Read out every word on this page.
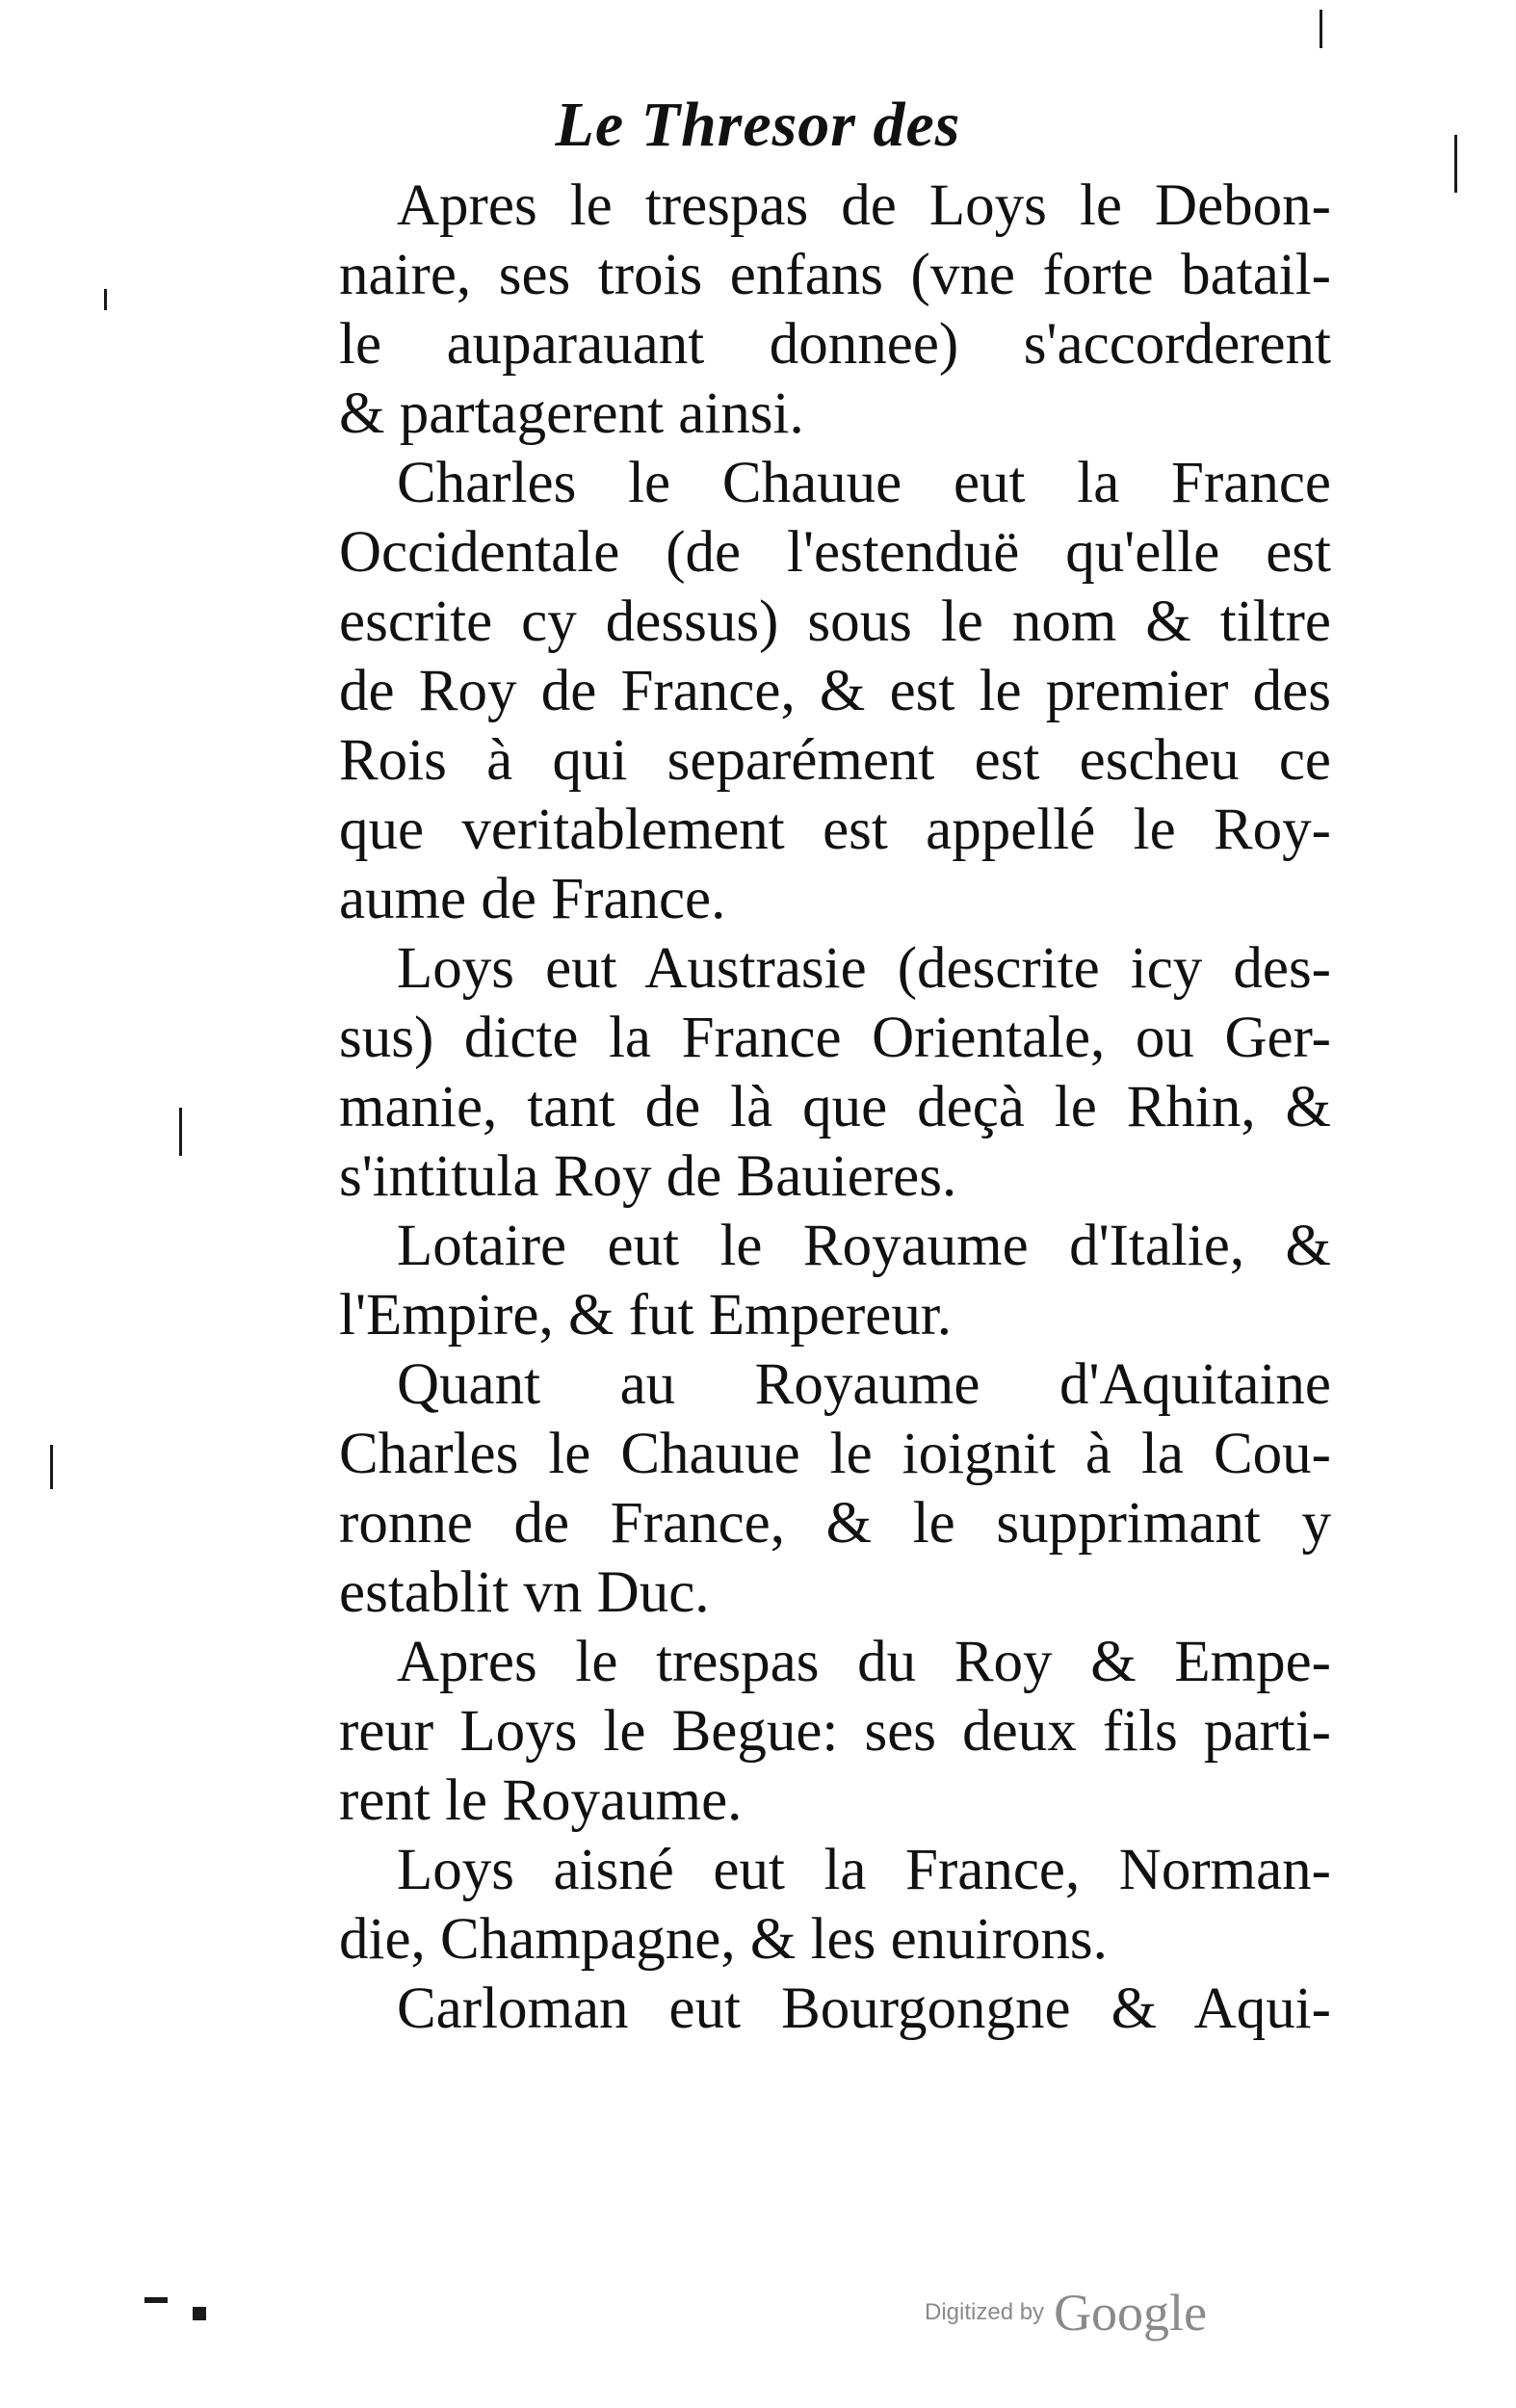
Le Thresor des
Apres le trespas de Loys le Debon-
naire, ses trois enfans (vne forte batail-
le auparauant donnee) s'accorderent
& partagerent ainsi.
Charles le Chauue eut la France
Occidentale (de l'estenduë qu'elle est
escrite cy dessus) sous le nom & tiltre
de Roy de France, & est le premier des
Rois à qui separément est escheu ce
que veritablement est appellé le Roy-
aume de France.
Loys eut Austrasie (descrite icy des-
sus) dicte la France Orientale, ou Ger-
manie, tant de là que deçà le Rhin, &
s'intitula Roy de Bauieres.
Lotaire eut le Royaume d'Italie, &
l'Empire, & fut Empereur.
Quant au Royaume d'Aquitaine
Charles le Chauue le ioignit à la Cou-
ronne de France, & le supprimant y
establit vn Duc.
Apres le trespas du Roy & Empe-
reur Loys le Begue: ses deux fils parti-
rent le Royaume.
Loys aisné eut la France, Norman-
die, Champagne, & les enuirons.
Carloman eut Bourgongne & Aqui-
Digitized by Google
